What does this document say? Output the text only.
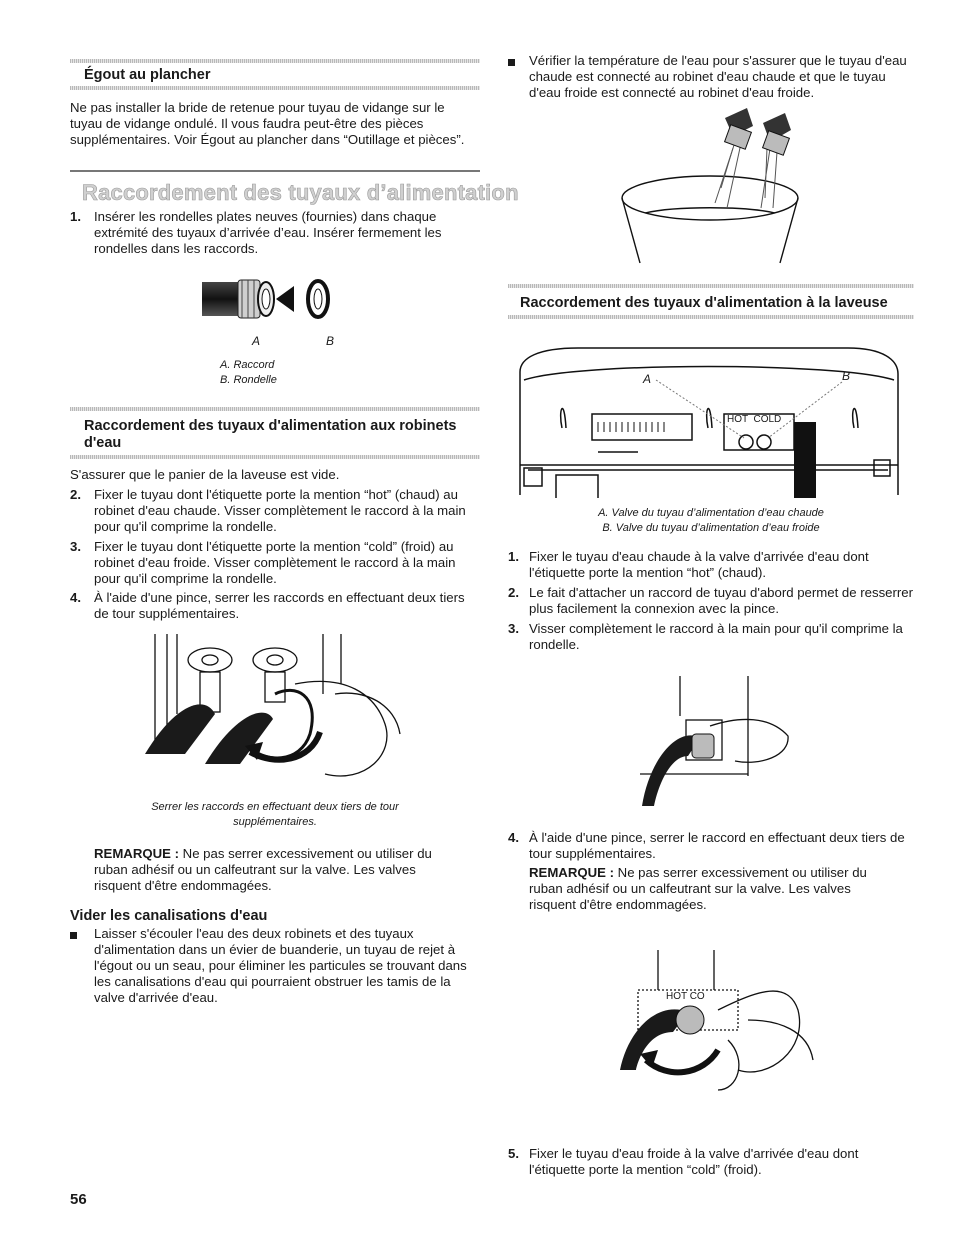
Égout au plancher

Ne pas installer la bride de retenue pour tuyau de vidange sur le tuyau de vidange ondulé. Il vous faudra peut-être des pièces supplémentaires. Voir Égout au plancher dans “Outillage et pièces”.

Raccordement des tuyaux d’alimentation
1. Insérer les rondelles plates neuves (fournies) dans chaque extrémité des tuyaux d’arrivée d’eau. Insérer fermement les rondelles dans les raccords.

A	B
A. Raccord
B. Rondelle
Raccordement des tuyaux d'alimentation aux robinets d'eau

S'assurer que le panier de la laveuse est vide.

2. Fixer le tuyau dont l'étiquette porte la mention “hot” (chaud) au robinet d'eau chaude. Visser complètement le raccord à la main pour qu'il comprime la rondelle.

3. Fixer le tuyau dont l'étiquette porte la mention “cold” (froid) au robinet d'eau froide. Visser complètement le raccord à la main pour qu'il comprime la rondelle.

4. À l'aide d'une pince, serrer les raccords en effectuant deux tiers de tour supplémentaires.

Serrer les raccords en effectuant deux tiers de tour supplémentaires.

REMARQUE : Ne pas serrer excessivement ou utiliser du ruban adhésif ou un calfeutrant sur la valve. Les valves risquent d'être endommagées.

Vider les canalisations d'eau

Laisser s'écouler l'eau des deux robinets et des tuyaux d'alimentation dans un évier de buanderie, un tuyau de rejet à l'égout ou un seau, pour éliminer les particules se trouvant dans les canalisations d'eau qui pourraient obstruer les tamis de la valve d'arrivée d'eau.

56

Vérifier la température de l'eau pour s'assurer que le tuyau d'eau chaude est connecté au robinet d'eau chaude et que le tuyau d'eau froide est connecté au robinet d'eau froide.

Raccordement des tuyaux d'alimentation à la laveuse
A	B
HOT  COLD
A. Valve du tuyau d’alimentation d’eau chaude
B. Valve du tuyau d’alimentation d’eau froide
1. Fixer le tuyau d'eau chaude à la valve d'arrivée d'eau dont l'étiquette porte la mention “hot” (chaud).

2. Le fait d'attacher un raccord de tuyau d'abord permet de resserrer plus facilement la connexion avec la pince.

3. Visser complètement le raccord à la main pour qu'il comprime la rondelle.

4. À l'aide d'une pince, serrer le raccord en effectuant deux tiers de tour supplémentaires.

REMARQUE : Ne pas serrer excessivement ou utiliser du ruban adhésif ou un calfeutrant sur la valve. Les valves risquent d'être endommagées.

HOT CO
5. Fixer le tuyau d'eau froide à la valve d'arrivée d'eau dont l'étiquette porte la mention “cold” (froid).
